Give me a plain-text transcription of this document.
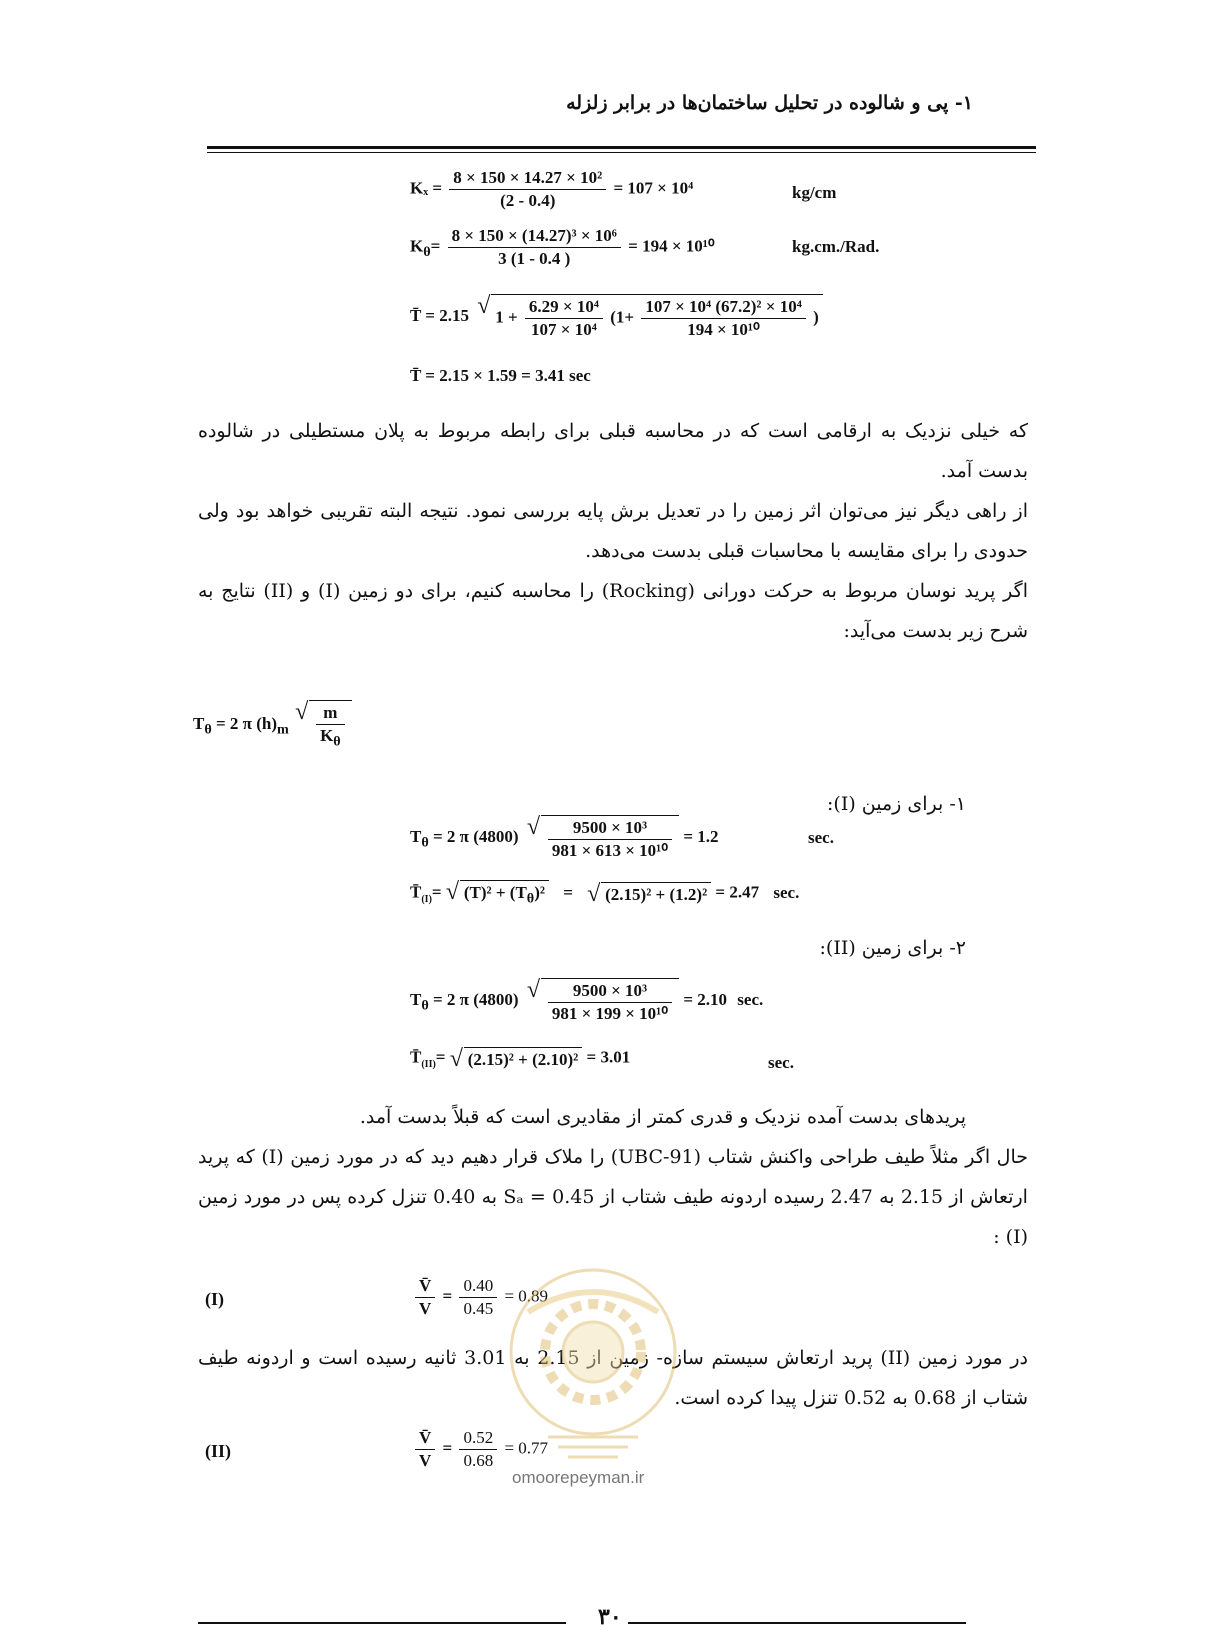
۱- پی و شالوده در تحلیل ساختمان‌ها در برابر زلزله
$K_x = \frac{\text{8 × 150 × 14.27 × 10²}}{(2 - 0.4)} = 107 \times 10^4$	kg/cm
$K_\theta= \frac{\text{8 × 150 × (14.27)³ × 10⁶}}{3 (1 - 0.4 )} = 194 \times 10^{10}$	kg.cm./Rad.
T̄ = 2.15 √ $1 + \frac{\text{6.29 × 10⁴}}{\text{107 × 10⁴}} (1+ \frac{\text{107 × 10⁴ (67.2)² × 10⁴}}{\text{194 × 10¹⁰}}$ )
T̄ = 2.15 × 1.59 = 3.41 sec
که خیلی نزدیک به ارقامی است که در محاسبه قبلی برای رابطه مربوط به پلان مستطیلی در شالوده بدست آمد.
از راهی دیگر نیز می‌توان اثر زمین را در تعدیل برش پایه بررسی نمود. نتیجه البته تقریبی خواهد بود ولی حدودی را برای مقایسه با محاسبات قبلی بدست می‌دهد.
اگر پرید نوسان مربوط به حرکت دورانی (Rocking) را محاسبه کنیم، برای دو زمین (I) و (II) نتایج به شرح زیر بدست می‌آید:
$T_\theta = 2$ π $(h)_m$ √ $\frac{m}{K_\theta}$
۱- برای زمین (I):
$T_\theta = 2$ π (4800) √ $\frac{\text{9500 × 10³}}{\text{981 × 613 × 10¹⁰}} = 1.2$	sec.
$T̄_{(I)}=$ √ $(T)^2 + (T_\theta)^2$ = √ (2.15)² + (1.2)² = 2.47 sec.
۲- برای زمین (II):
$T_\theta = 2$ π (4800) √ $\frac{\text{9500 × 10³}}{\text{981 × 199 × 10¹⁰}} = 2.10$ sec.
$T̄_{(II)}=$ √ (2.15)² + (2.10)² = 3.01	sec.
پریدهای بدست آمده نزدیک و قدری کمتر از مقادیری است که قبلاً بدست آمد.
حال اگر مثلاً طیف طراحی واکنش شتاب (UBC-91) را ملاک قرار دهیم دید که در مورد زمین (I) که پرید ارتعاش از 2.15 به 2.47 رسیده اردونه طیف شتاب از Sₐ = 0.45 به 0.40 تنزل کرده پس در مورد زمین (I) :
(I)	$\frac{V̄}{V} = \frac{0.40}{0.45} = 0.89$
در مورد زمین (II) پرید ارتعاش سیستم سازه- زمین از 2.15 به 3.01 ثانیه رسیده است و اردونه طیف شتاب از 0.68 به 0.52 تنزل پیدا کرده است.
(II)	$\frac{V̄}{V} = \frac{0.52}{0.68} = 0.77$
omoorepeyman.ir
۳۰
